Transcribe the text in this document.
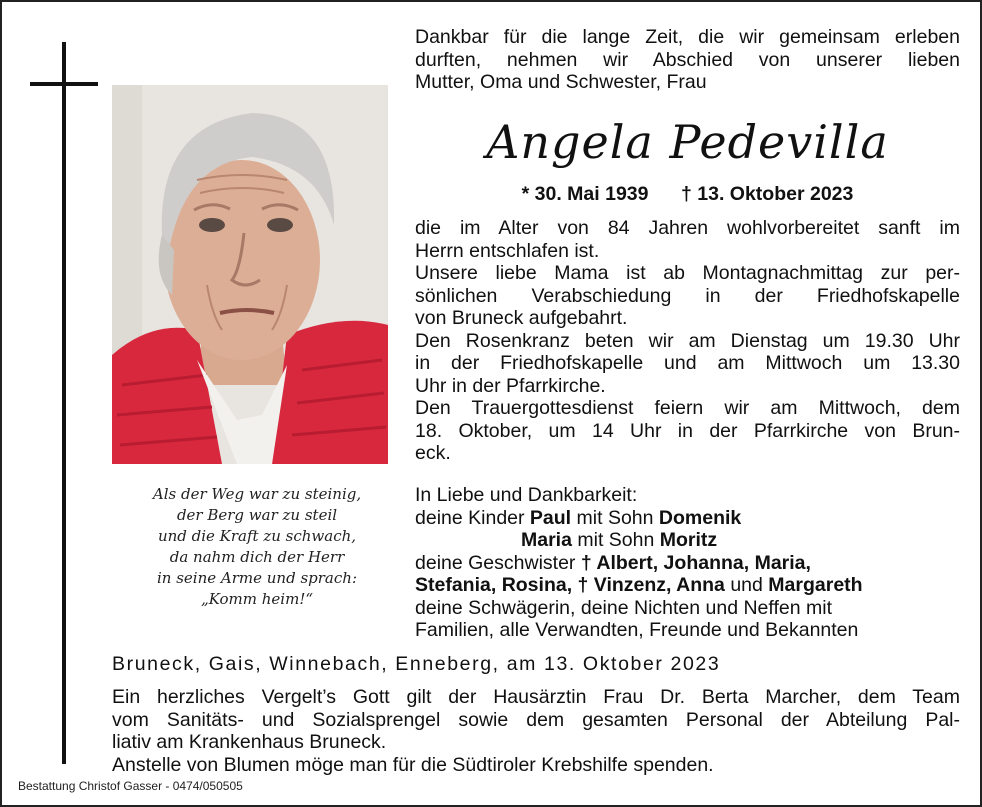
Als der Weg war zu steinig,
der Berg war zu steil
und die Kraft zu schwach,
da nahm dich der Herr
in seine Arme und sprach:
„Komm heim!“
Dankbar für die lange Zeit, die wir gemeinsam erleben
durften, nehmen wir Abschied von unserer lieben
Mutter, Oma und Schwester, Frau
Angela Pedevilla
* 30. Mai 1939 † 13. Oktober 2023
die im Alter von 84 Jahren wohlvorbereitet sanft im
Herrn entschlafen ist.
Unsere liebe Mama ist ab Montagnachmittag zur per-
sönlichen Verabschiedung in der Friedhofskapelle
von Bruneck aufgebahrt.
Den Rosenkranz beten wir am Dienstag um 19.30 Uhr
in der Friedhofskapelle und am Mittwoch um 13.30
Uhr in der Pfarrkirche.
Den Trauergottesdienst feiern wir am Mittwoch, dem
18. Oktober, um 14 Uhr in der Pfarrkirche von Brun-
eck.
In Liebe und Dankbarkeit:
deine Kinder Paul mit Sohn Domenik
Maria mit Sohn Moritz
deine Geschwister † Albert, Johanna, Maria,
Stefania, Rosina, † Vinzenz, Anna und Margareth
deine Schwägerin, deine Nichten und Neffen mit
Familien, alle Verwandten, Freunde und Bekannten
Bruneck, Gais, Winnebach, Enneberg, am 13. Oktober 2023
Ein herzliches Vergelt’s Gott gilt der Hausärztin Frau Dr. Berta Marcher, dem Team
vom Sanitäts- und Sozialsprengel sowie dem gesamten Personal der Abteilung Pal-
liativ am Krankenhaus Bruneck.
Anstelle von Blumen möge man für die Südtiroler Krebshilfe spenden.
Bestattung Christof Gasser - 0474/050505
